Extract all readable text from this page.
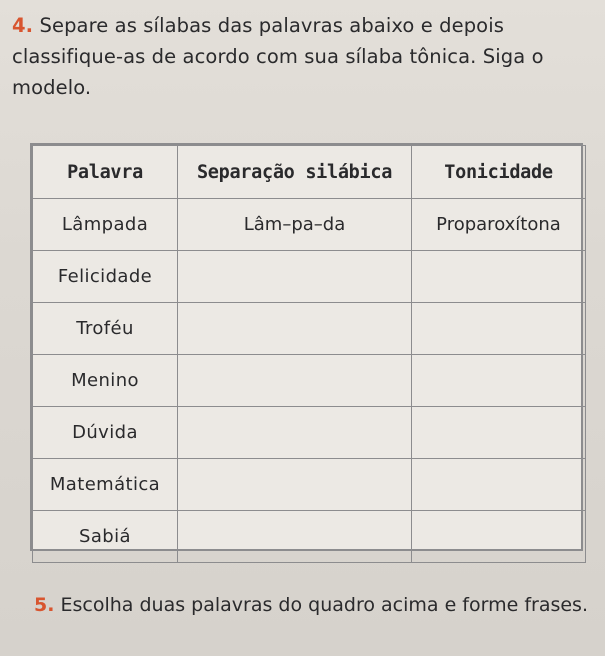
4. Separe as sílabas das palavras abaixo e depois classifique-as de acordo com sua sílaba tônica. Siga o modelo.
Palavra	Separação silábica	Tonicidade
Lâmpada	Lâm–pa–da	Proparoxítona
Felicidade		
Troféu		
Menino		
Dúvida		
Matemática		
Sabiá		
5. Escolha duas palavras do quadro acima e forme frases.
